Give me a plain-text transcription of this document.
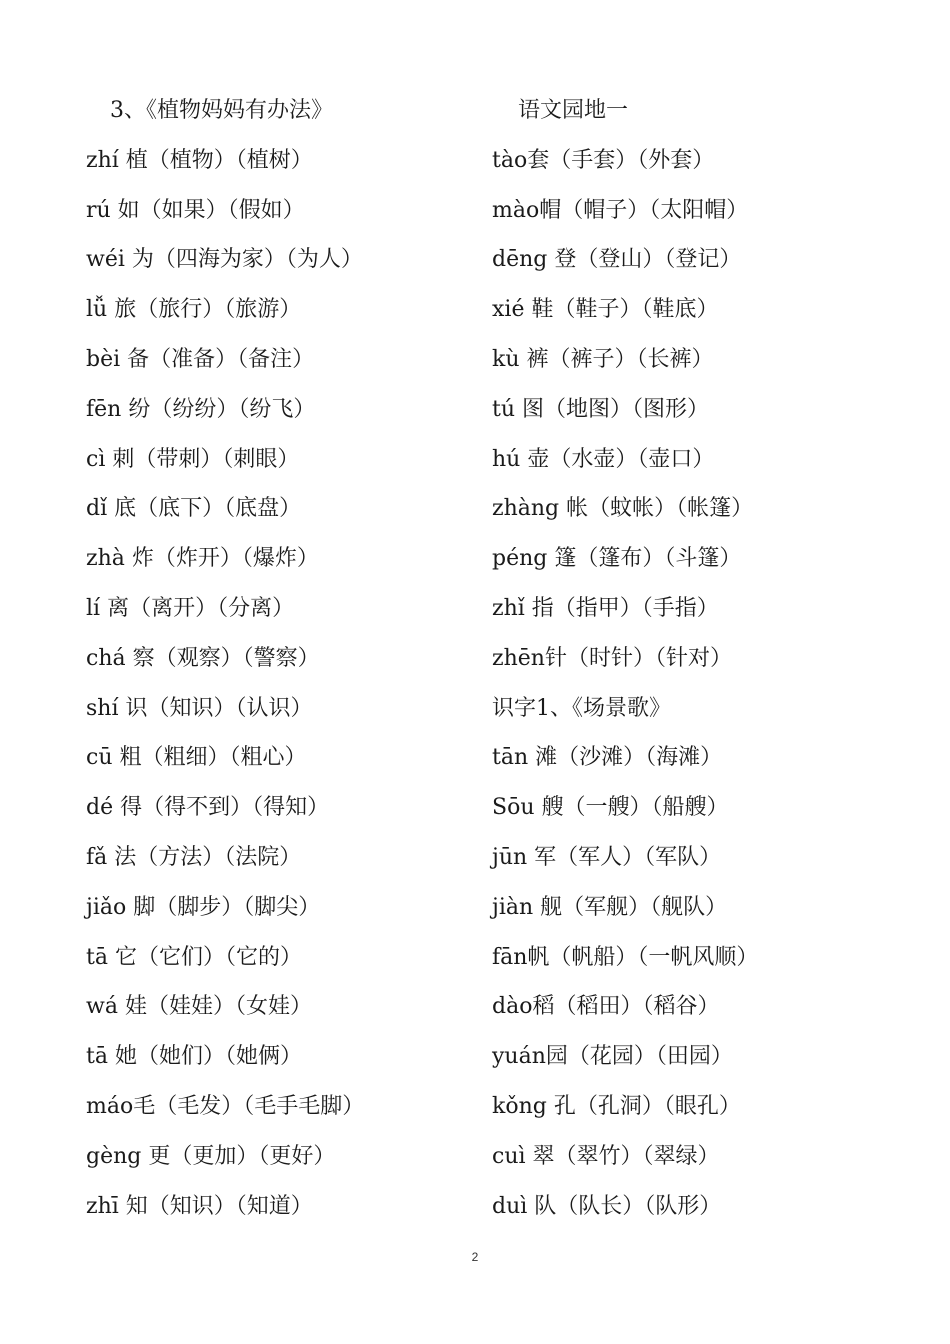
3、《植物妈妈有办法》
zhí 植（植物）（植树）
rú 如（如果）（假如）
wéi 为（四海为家）（为人）
lǚ 旅（旅行）（旅游）
bèi 备（准备）（备注）
fēn 纷（纷纷）（纷飞）
cì 刺（带刺）（刺眼）
dǐ 底（底下）（底盘）
zhà 炸（炸开）（爆炸）
lí 离（离开）（分离）
chá 察（观察）（警察）
shí 识（知识）（认识）
cū 粗（粗细）（粗心）
dé 得（得不到）（得知）
fǎ 法（方法）（法院）
jiǎo 脚（脚步）（脚尖）
tā 它（它们）（它的）
wá 娃（娃娃）（女娃）
tā 她（她们）（她俩）
máo毛（毛发）（毛手毛脚）
gèng 更（更加）（更好）
zhī 知（知识）（知道）
语文园地一
tào套（手套）（外套）
mào帽（帽子）（太阳帽）
dēng 登（登山）（登记）
xié 鞋（鞋子）（鞋底）
kù 裤（裤子）（长裤）
tú 图（地图）（图形）
hú 壶（水壶）（壶口）
zhàng 帐（蚊帐）（帐篷）
péng 篷（篷布）（斗篷）
zhǐ 指（指甲）（手指）
zhēn针（时针）（针对）
识字1、《场景歌》
tān 滩（沙滩）（海滩）
Sōu 艘（一艘）（船艘）
jūn 军（军人）（军队）
jiàn 舰（军舰）（舰队）
fān帆（帆船）（一帆风顺）
dào稻（稻田）（稻谷）
yuán园（花园）（田园）
kǒng 孔（孔洞）（眼孔）
cuì 翠（翠竹）（翠绿）
duì 队（队长）（队形）
2
